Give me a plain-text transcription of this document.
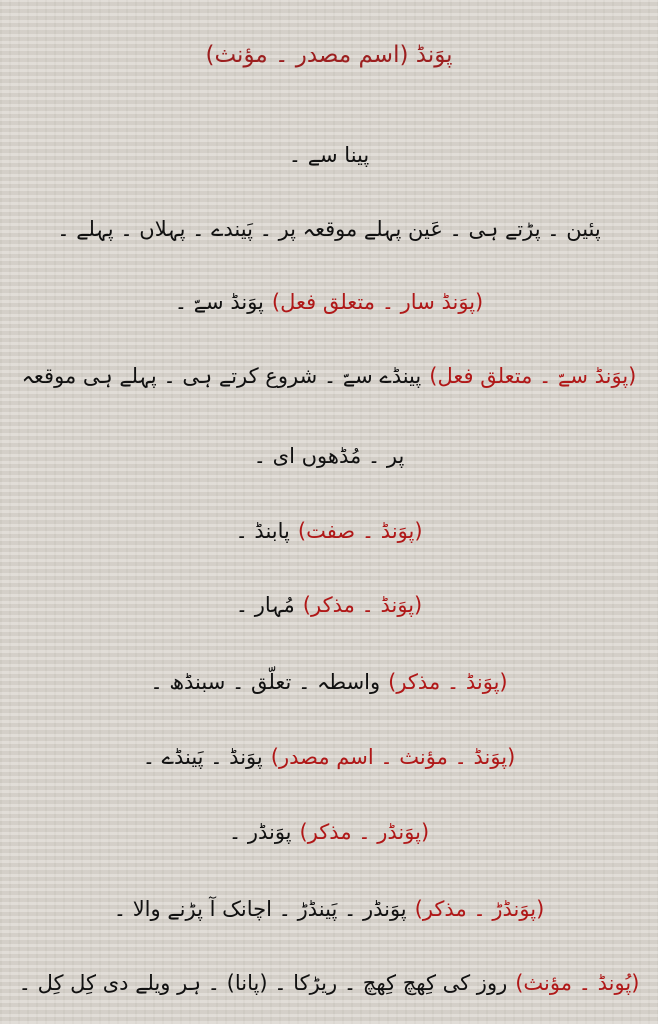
پوَنڈ (اسم مصدر ۔ مؤنث)
پینا سے ۔
پئین ۔ پڑتے ہی ۔ عَین پہلے موقعہ پر ۔ پَیندے ۔ پہلاں ۔ پہلے ۔
(پوَنڈ سار ۔ متعلق فعل)پوَنڈ سےّ ۔
(پوَنڈ سےّ ۔ متعلق فعل)پینڈے سےّ ۔ شروع کرتے ہی ۔ پہلے ہی موقعہ
پر ۔ مُڈھوں ای ۔
(پوَنڈ ۔ صفت)پابنڈ ۔
(پوَنڈ ۔ مذکر)مُہار ۔
(پوَنڈ ۔ مذکر)واسطہ ۔ تعلّق ۔ سبنڈھ ۔
(پوَنڈ ۔ مؤنث ۔ اسم مصدر)پوَنڈ ۔ پَینڈے ۔
(پوَنڈر ۔ مذکر)پوَنڈر ۔
(پوَنڈڑ ۔ مذکر)پوَنڈر ۔ پَینڈڑ ۔ اچانک آ پڑنے والا ۔
(پُونڈ ۔ مؤنث)روز کی کِھچ کِھچ ۔ ریڑکا ۔ (پانا) ۔ ہر ویلے دی کِل کِل ۔
